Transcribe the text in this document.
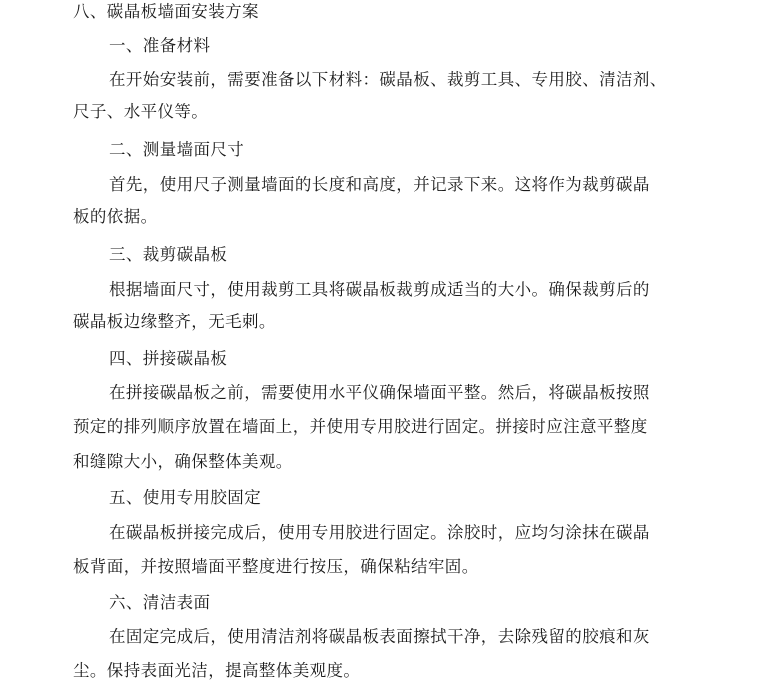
八、碳晶板墙面安装方案
一、准备材料
在开始安装前，需要准备以下材料：碳晶板、裁剪工具、专用胶、清洁剂、
尺子、水平仪等。
二、测量墙面尺寸
首先，使用尺子测量墙面的长度和高度，并记录下来。这将作为裁剪碳晶
板的依据。
三、裁剪碳晶板
根据墙面尺寸，使用裁剪工具将碳晶板裁剪成适当的大小。确保裁剪后的
碳晶板边缘整齐，无毛刺。
四、拼接碳晶板
在拼接碳晶板之前，需要使用水平仪确保墙面平整。然后，将碳晶板按照
预定的排列顺序放置在墙面上，并使用专用胶进行固定。拼接时应注意平整度
和缝隙大小，确保整体美观。
五、使用专用胶固定
在碳晶板拼接完成后，使用专用胶进行固定。涂胶时，应均匀涂抹在碳晶
板背面，并按照墙面平整度进行按压，确保粘结牢固。
六、清洁表面
在固定完成后，使用清洁剂将碳晶板表面擦拭干净，去除残留的胶痕和灰
尘。保持表面光洁，提高整体美观度。
